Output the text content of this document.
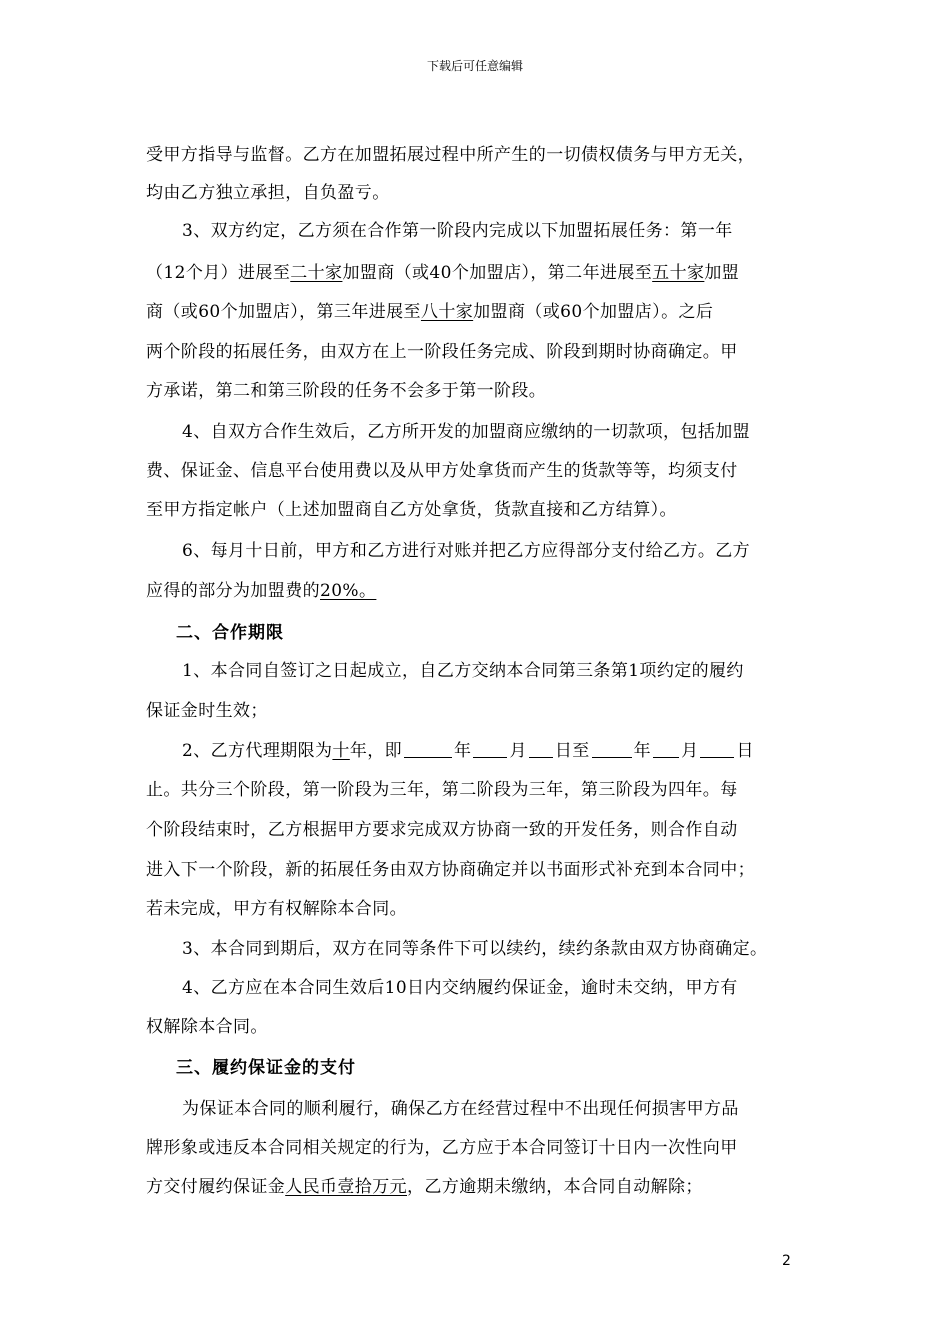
下载后可任意编辑
受甲方指导与监督。乙方在加盟拓展过程中所产生的一切债权债务与甲方无关，
均由乙方独立承担，自负盈亏。
3、双方约定，乙方须在合作第一阶段内完成以下加盟拓展任务：第一年
（12个月）进展至二十家加盟商（或40个加盟店），第二年进展至五十家加盟
商（或60个加盟店），第三年进展至八十家加盟商（或60个加盟店）。之后
两个阶段的拓展任务，由双方在上一阶段任务完成、阶段到期时协商确定。甲
方承诺，第二和第三阶段的任务不会多于第一阶段。
4、自双方合作生效后，乙方所开发的加盟商应缴纳的一切款项，包括加盟
费、保证金、信息平台使用费以及从甲方处拿货而产生的货款等等，均须支付
至甲方指定帐户（上述加盟商自乙方处拿货，货款直接和乙方结算）。
6、每月十日前，甲方和乙方进行对账并把乙方应得部分支付给乙方。乙方
应得的部分为加盟费的20%。
二、合作期限
1、本合同自签订之日起成立，自乙方交纳本合同第三条第1项约定的履约
保证金时生效；
2、乙方代理期限为十年，即	年 月 日至	年 月 日
止。共分三个阶段，第一阶段为三年，第二阶段为三年，第三阶段为四年。每
个阶段结束时，乙方根据甲方要求完成双方协商一致的开发任务，则合作自动
进入下一个阶段，新的拓展任务由双方协商确定并以书面形式补充到本合同中；
若未完成，甲方有权解除本合同。
3、本合同到期后，双方在同等条件下可以续约，续约条款由双方协商确定。
4、乙方应在本合同生效后10日内交纳履约保证金，逾时未交纳，甲方有
权解除本合同。
三、履约保证金的支付
为保证本合同的顺利履行，确保乙方在经营过程中不出现任何损害甲方品
牌形象或违反本合同相关规定的行为，乙方应于本合同签订十日内一次性向甲
方交付履约保证金人民币壹拾万元，乙方逾期未缴纳，本合同自动解除；
2
